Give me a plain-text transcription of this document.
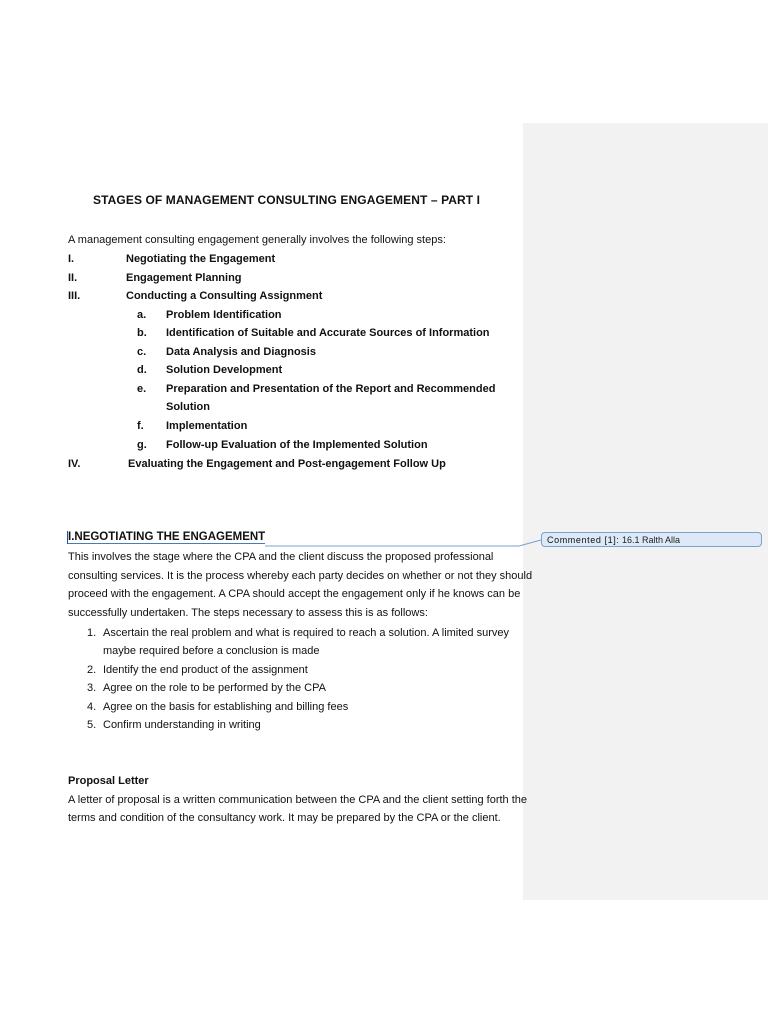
STAGES OF MANAGEMENT CONSULTING ENGAGEMENT – PART I
A management consulting engagement generally involves the following steps:
I.	Negotiating the Engagement
II.	Engagement Planning
III.	Conducting a Consulting Assignment
a. Problem Identification
b. Identification of Suitable and Accurate Sources of Information
c. Data Analysis and Diagnosis
d. Solution Development
e. Preparation and Presentation of the Report and Recommended
Solution
f. Implementation
g. Follow-up Evaluation of the Implemented Solution
IV.	Evaluating the Engagement and Post-engagement Follow Up
I.NEGOTIATING THE ENGAGEMENT
This involves the stage where the CPA and the client discuss the proposed professional
consulting services. It is the process whereby each party decides on whether or not they should
proceed with the engagement. A CPA should accept the engagement only if he knows can be
successfully undertaken. The steps necessary to assess this is as follows:
1. Ascertain the real problem and what is required to reach a solution. A limited survey
maybe required before a conclusion is made
2. Identify the end product of the assignment
3. Agree on the role to be performed by the CPA
4. Agree on the basis for establishing and billing fees
5. Confirm understanding in writing
Proposal Letter
A letter of proposal is a written communication between the CPA and the client setting forth the
terms and condition of the consultancy work. It may be prepared by the CPA or the client.
Commented [1]: 16.1 Ralth Alla
